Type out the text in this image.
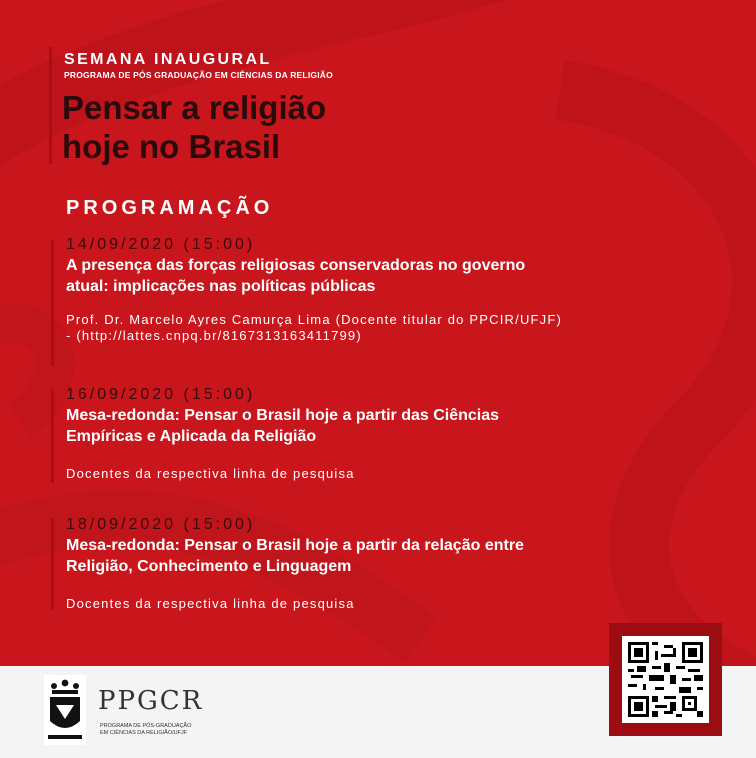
SEMANA INAUGURAL
PROGRAMA DE PÓS GRADUAÇÃO EM CIÊNCIAS DA RELIGIÃO
Pensar a religião
hoje no Brasil
PROGRAMAÇÃO
14/09/2020 (15:00)
A presença das forças religiosas conservadoras no governo atual: implicações nas políticas públicas
Prof. Dr. Marcelo Ayres Camurça Lima (Docente titular do PPCIR/UFJF) - (http://lattes.cnpq.br/8167313163411799)
16/09/2020 (15:00)
Mesa-redonda: Pensar o Brasil hoje a partir das Ciências Empíricas e Aplicada da Religião
Docentes da respectiva linha de pesquisa
18/09/2020 (15:00)
Mesa-redonda: Pensar o Brasil hoje a partir da relação entre Religião, Conhecimento e Linguagem
Docentes da respectiva linha de pesquisa
PPGCR
PROGRAMA DE PÓS-GRADUAÇÃO
EM CIÊNCIAS DA RELIGIÃO/UFJF
